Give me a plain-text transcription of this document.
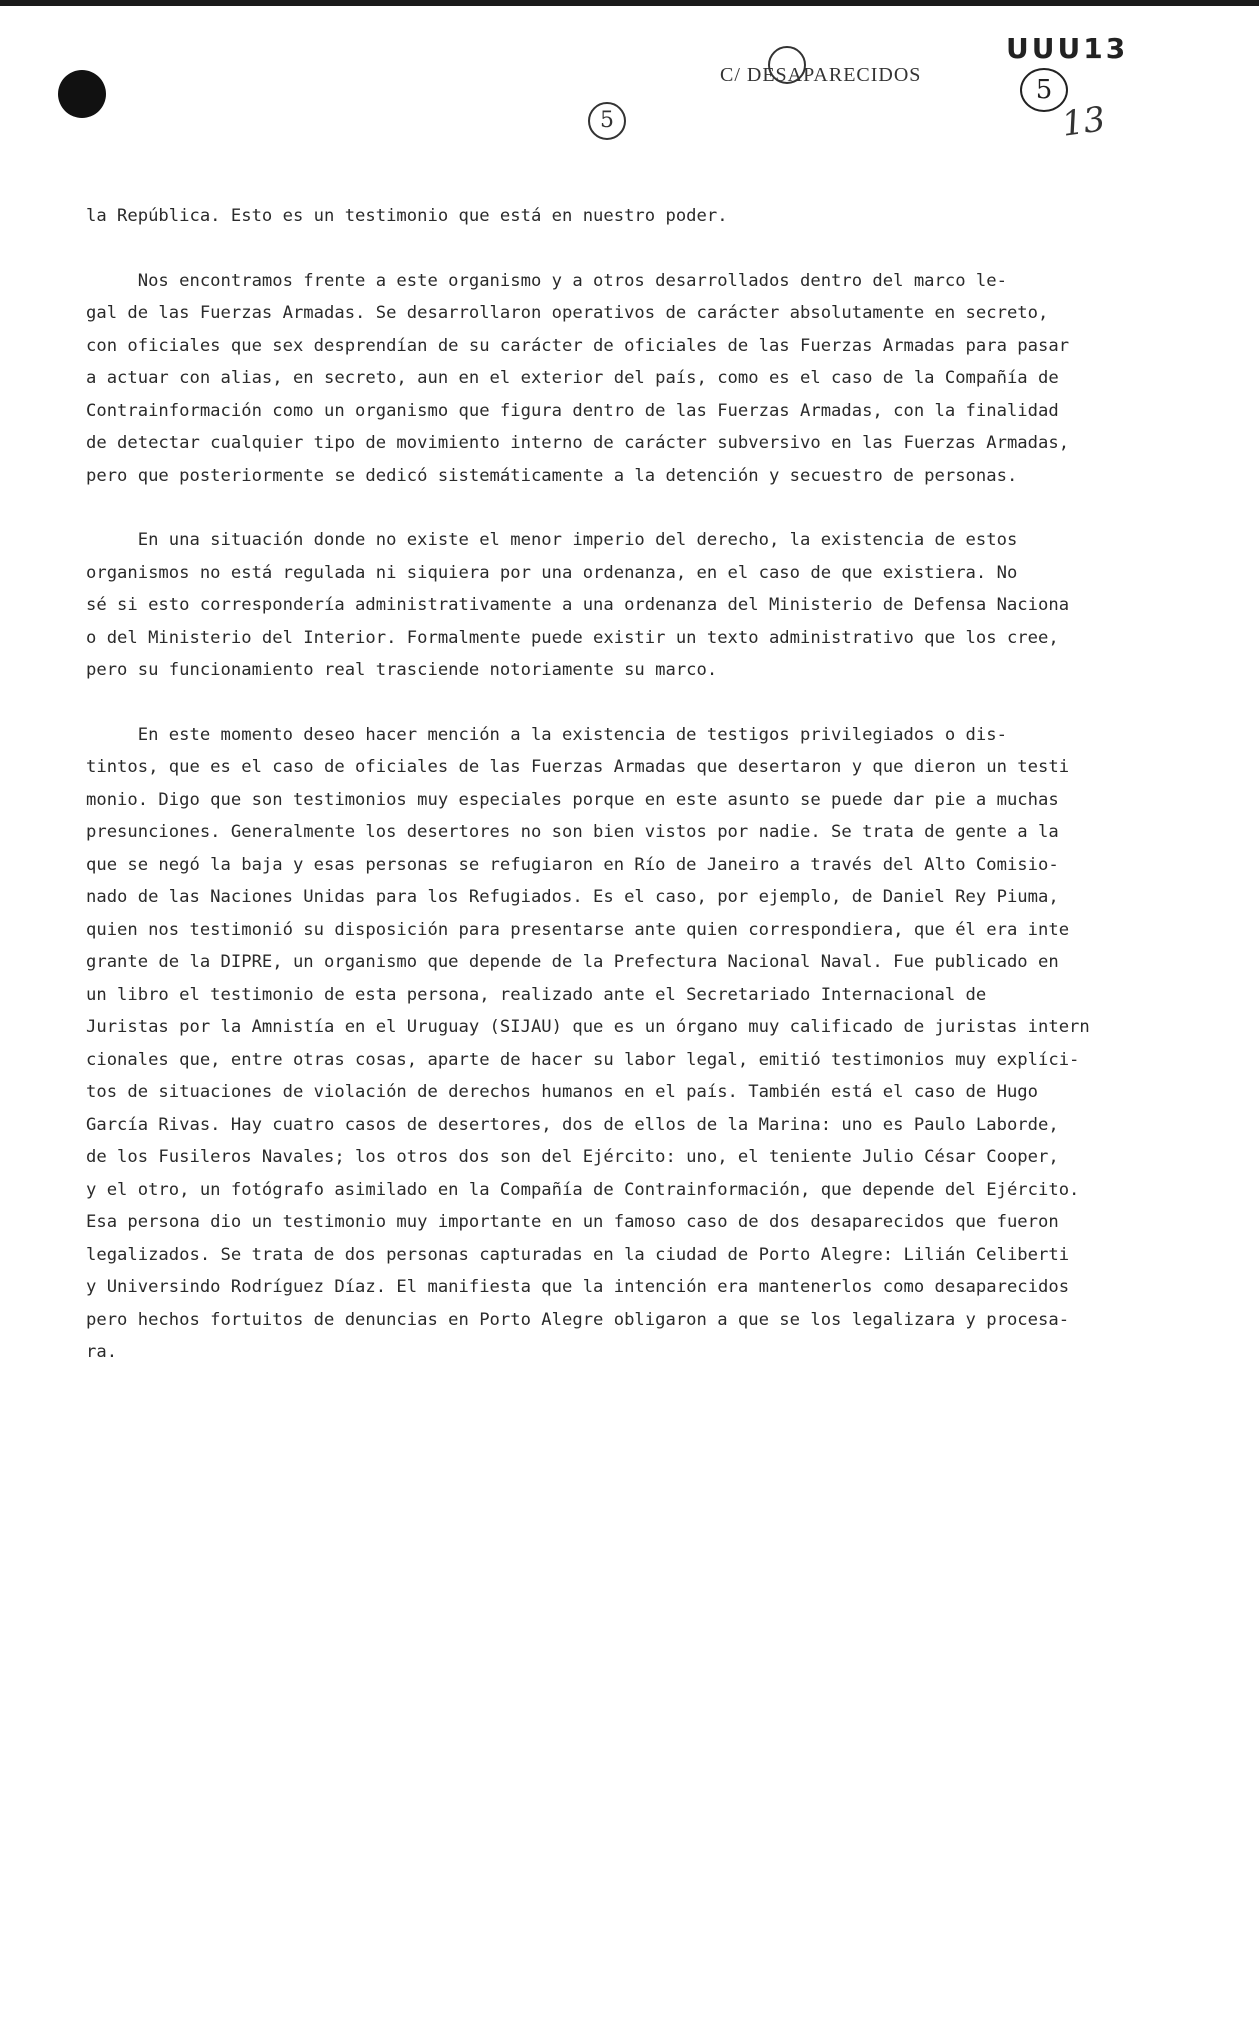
C/ DESAPARECIDOS
5
UUU13
5
13
la República. Esto es un testimonio que está en nuestro poder.
Nos encontramos frente a este organismo y a otros desarrollados dentro del marco le-
gal de las Fuerzas Armadas. Se desarrollaron operativos de carácter absolutamente en secreto,
con oficiales que sex desprendían de su carácter de oficiales de las Fuerzas Armadas para pasar
a actuar con alias, en secreto, aun en el exterior del país, como es el caso de la Compañía de
Contrainformación como un organismo que figura dentro de las Fuerzas Armadas, con la finalidad
de detectar cualquier tipo de movimiento interno de carácter subversivo en las Fuerzas Armadas,
pero que posteriormente se dedicó sistemáticamente a la detención y secuestro de personas.
En una situación donde no existe el menor imperio del derecho, la existencia de estos
organismos no está regulada ni siquiera por una ordenanza, en el caso de que existiera. No
sé si esto correspondería administrativamente a una ordenanza del Ministerio de Defensa Naciona
o del Ministerio del Interior. Formalmente puede existir un texto administrativo que los cree,
pero su funcionamiento real trasciende notoriamente su marco.
En este momento deseo hacer mención a la existencia de testigos privilegiados o dis-
tintos, que es el caso de oficiales de las Fuerzas Armadas que desertaron y que dieron un testi
monio. Digo que son testimonios muy especiales porque en este asunto se puede dar pie a muchas
presunciones. Generalmente los desertores no son bien vistos por nadie. Se trata de gente a la
que se negó la baja y esas personas se refugiaron en Río de Janeiro a través del Alto Comisio-
nado de las Naciones Unidas para los Refugiados. Es el caso, por ejemplo, de Daniel Rey Piuma,
quien nos testimonió su disposición para presentarse ante quien correspondiera, que él era inte
grante de la DIPRE, un organismo que depende de la Prefectura Nacional Naval. Fue publicado en
un libro el testimonio de esta persona, realizado ante el Secretariado Internacional de
Juristas por la Amnistía en el Uruguay (SIJAU) que es un órgano muy calificado de juristas intern
cionales que, entre otras cosas, aparte de hacer su labor legal, emitió testimonios muy explíci-
tos de situaciones de violación de derechos humanos en el país. También está el caso de Hugo
García Rivas. Hay cuatro casos de desertores, dos de ellos de la Marina: uno es Paulo Laborde,
de los Fusileros Navales; los otros dos son del Ejército: uno, el teniente Julio César Cooper,
y el otro, un fotógrafo asimilado en la Compañía de Contrainformación, que depende del Ejército.
Esa persona dio un testimonio muy importante en un famoso caso de dos desaparecidos que fueron
legalizados. Se trata de dos personas capturadas en la ciudad de Porto Alegre: Lilián Celiberti
y Universindo Rodríguez Díaz. El manifiesta que la intención era mantenerlos como desaparecidos
pero hechos fortuitos de denuncias en Porto Alegre obligaron a que se los legalizara y procesa-
ra.
